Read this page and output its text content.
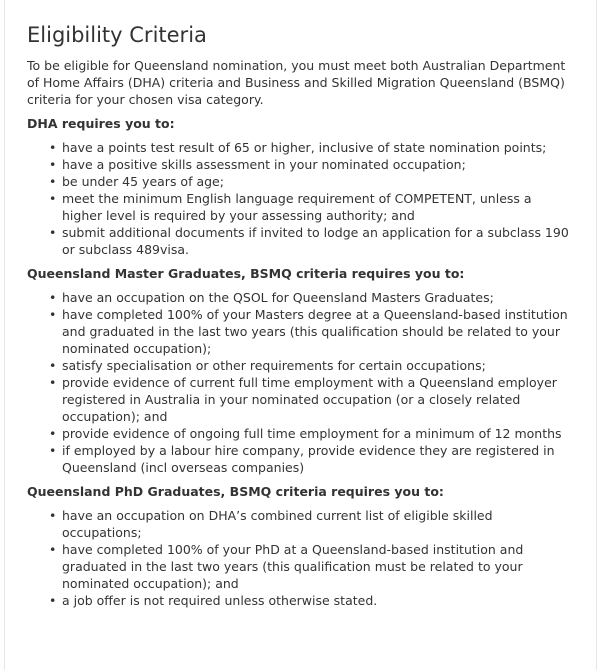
Eligibility Criteria

To be eligible for Queensland nomination, you must meet both Australian Department of Home Affairs (DHA) criteria and Business and Skilled Migration Queensland (BSMQ) criteria for your chosen visa category.

DHA requires you to:
• have a points test result of 65 or higher, inclusive of state nomination points;
• have a positive skills assessment in your nominated occupation;
• be under 45 years of age;
• meet the minimum English language requirement of COMPETENT, unless a higher level is required by your assessing authority; and
• submit additional documents if invited to lodge an application for a subclass 190 or subclass 489visa.
Queensland Master Graduates, BSMQ criteria requires you to:
• have an occupation on the QSOL for Queensland Masters Graduates;
• have completed 100% of your Masters degree at a Queensland-based institution and graduated in the last two years (this qualification should be related to your nominated occupation);
• satisfy specialisation or other requirements for certain occupations;
• provide evidence of current full time employment with a Queensland employer registered in Australia in your nominated occupation (or a closely related occupation); and
• provide evidence of ongoing full time employment for a minimum of 12 months
• if employed by a labour hire company, provide evidence they are registered in Queensland (incl overseas companies)
Queensland PhD Graduates, BSMQ criteria requires you to:
• have an occupation on DHA’s combined current list of eligible skilled occupations;
• have completed 100% of your PhD at a Queensland-based institution and graduated in the last two years (this qualification must be related to your nominated occupation); and
• a job offer is not required unless otherwise stated.
